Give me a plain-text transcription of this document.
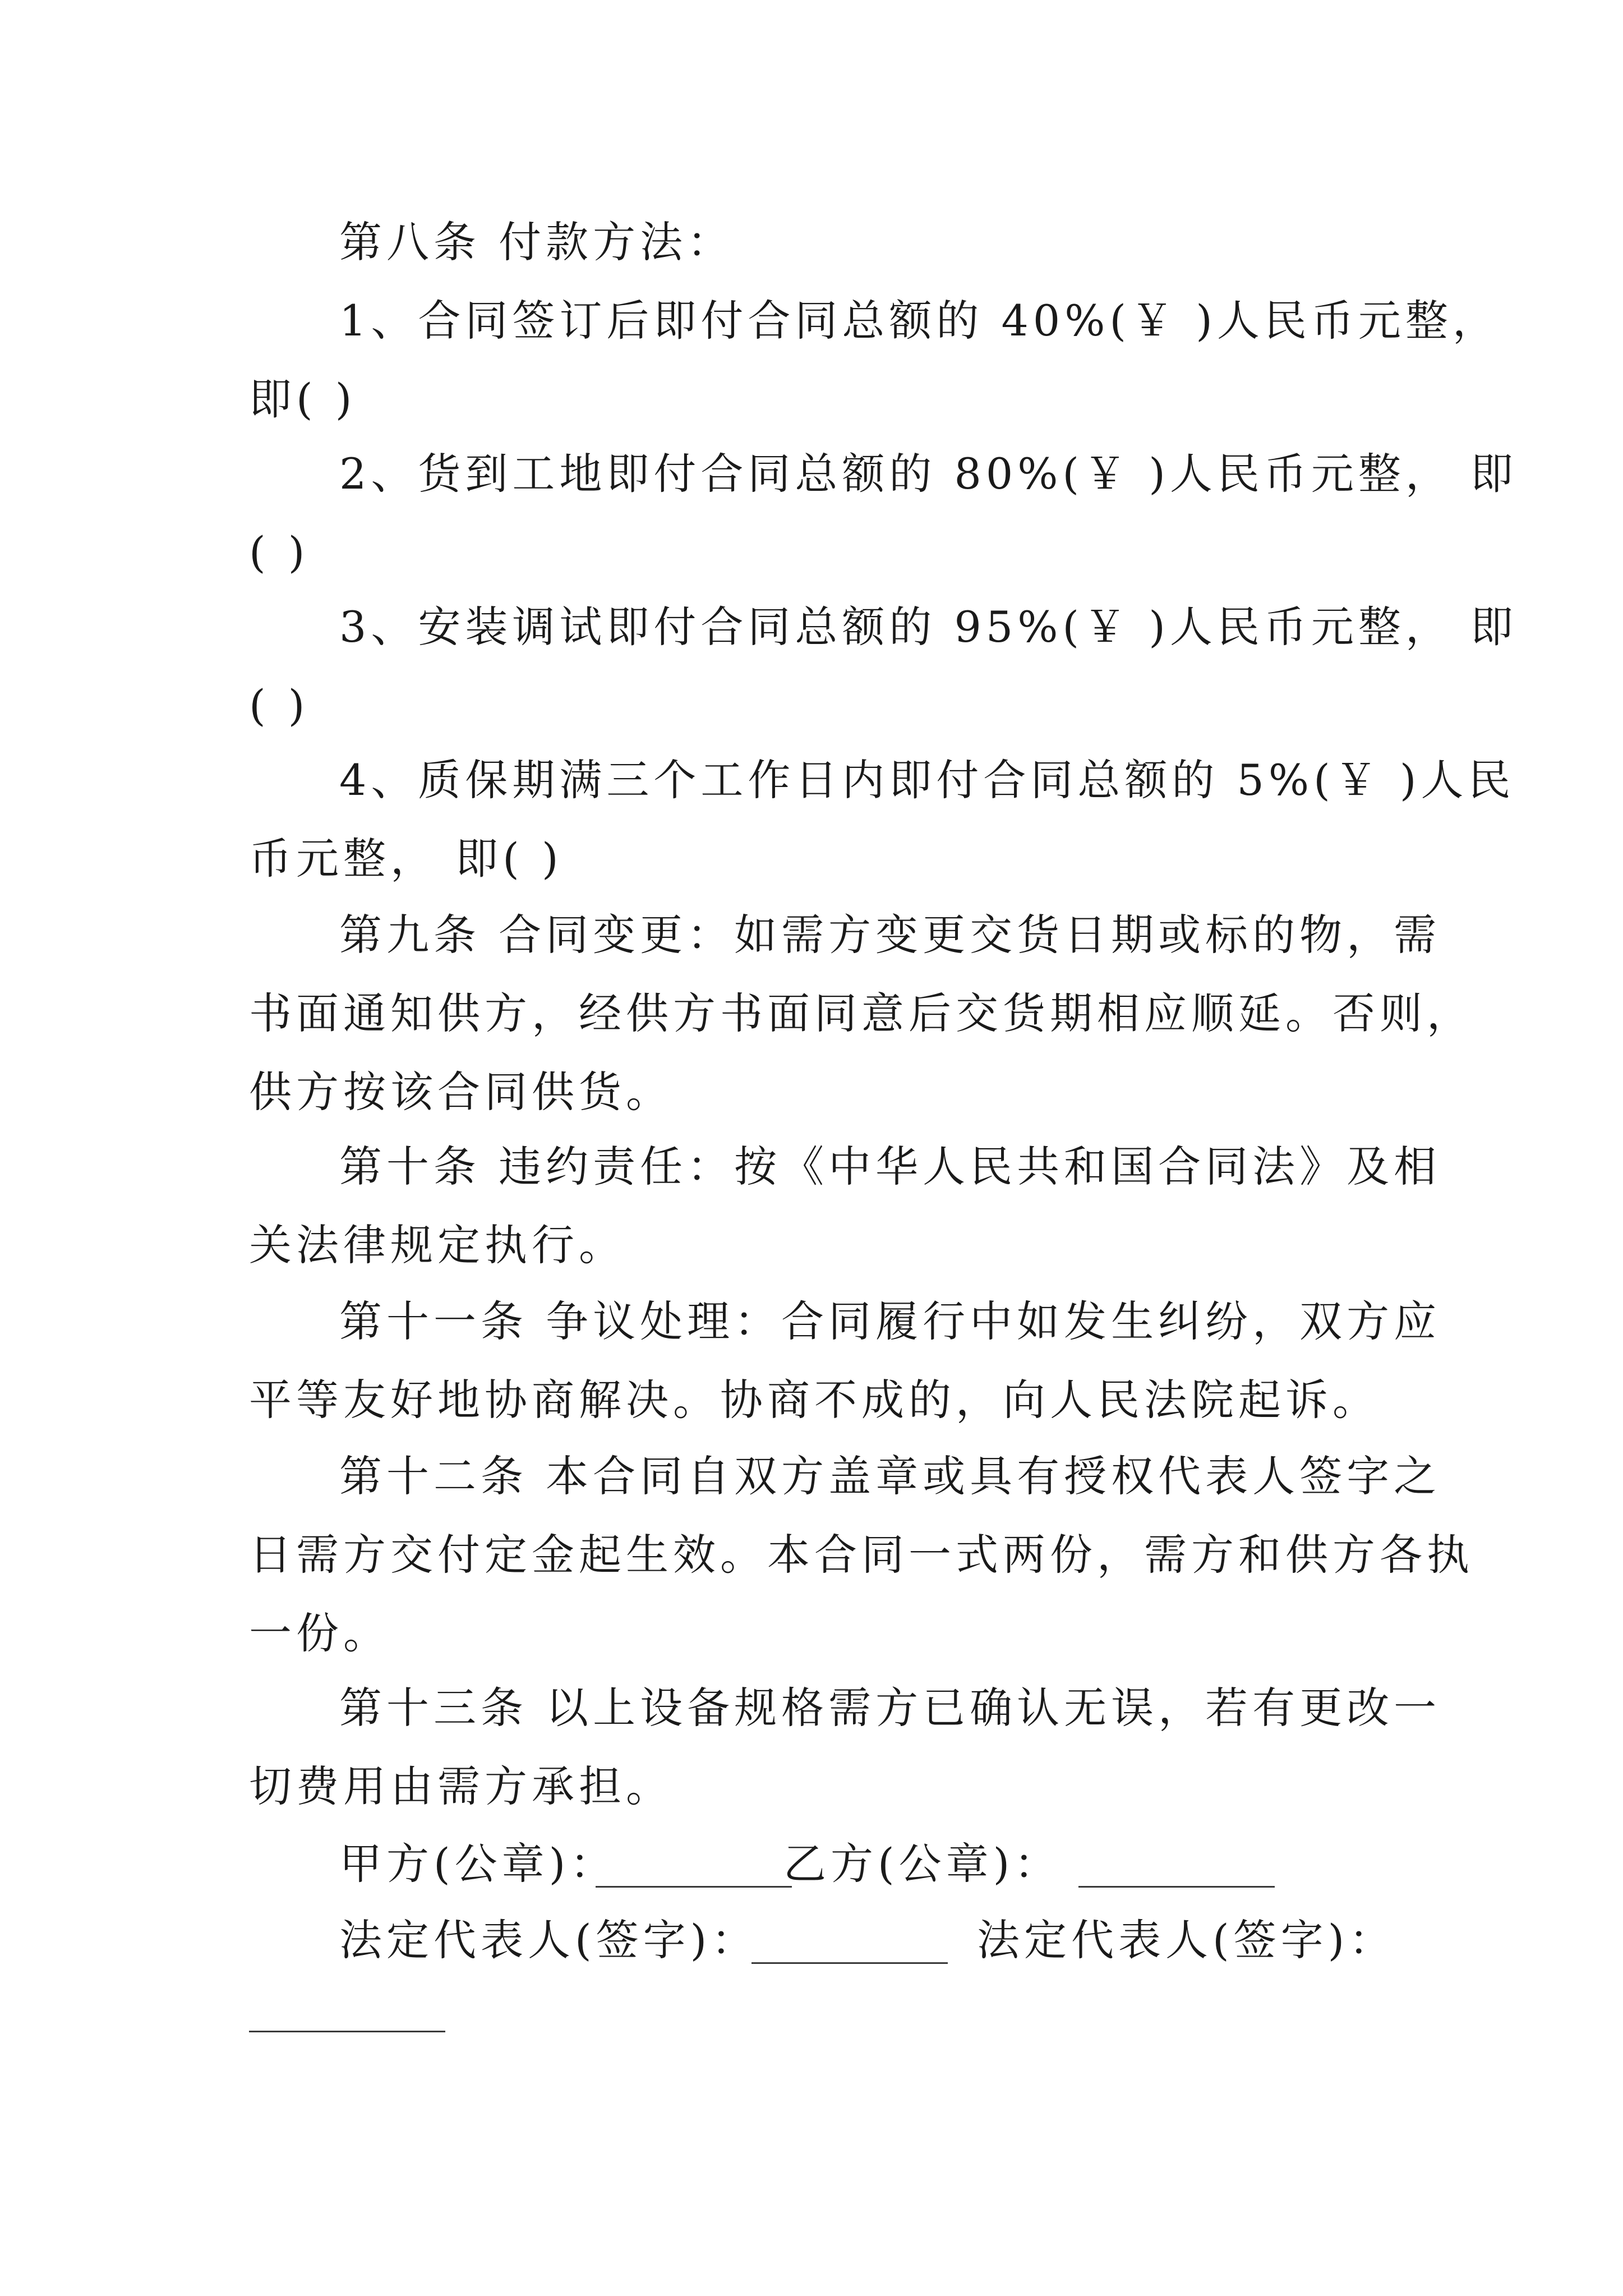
第八条 付款方法：
1、合同签订后即付合同总额的 40%(￥ )人民币元整，
即( )
2、货到工地即付合同总额的 80%(￥ )人民币元整， 即
( )
3、安装调试即付合同总额的 95%(￥ )人民币元整， 即
( )
4、质保期满三个工作日内即付合同总额的 5%(￥ )人民
币元整， 即( )
第九条 合同变更：如需方变更交货日期或标的物，需
书面通知供方，经供方书面同意后交货期相应顺延。否则，
供方按该合同供货。
第十条 违约责任：按《中华人民共和国合同法》及相
关法律规定执行。
第十一条 争议处理：合同履行中如发生纠纷，双方应
平等友好地协商解决。协商不成的，向人民法院起诉。
第十二条 本合同自双方盖章或具有授权代表人签字之
日需方交付定金起生效。本合同一式两份，需方和供方各执
一份。
第十三条 以上设备规格需方已确认无误，若有更改一
切费用由需方承担。
甲方(公章)：	乙方(公章)：
法定代表人(签字)：	法定代表人(签字)：
